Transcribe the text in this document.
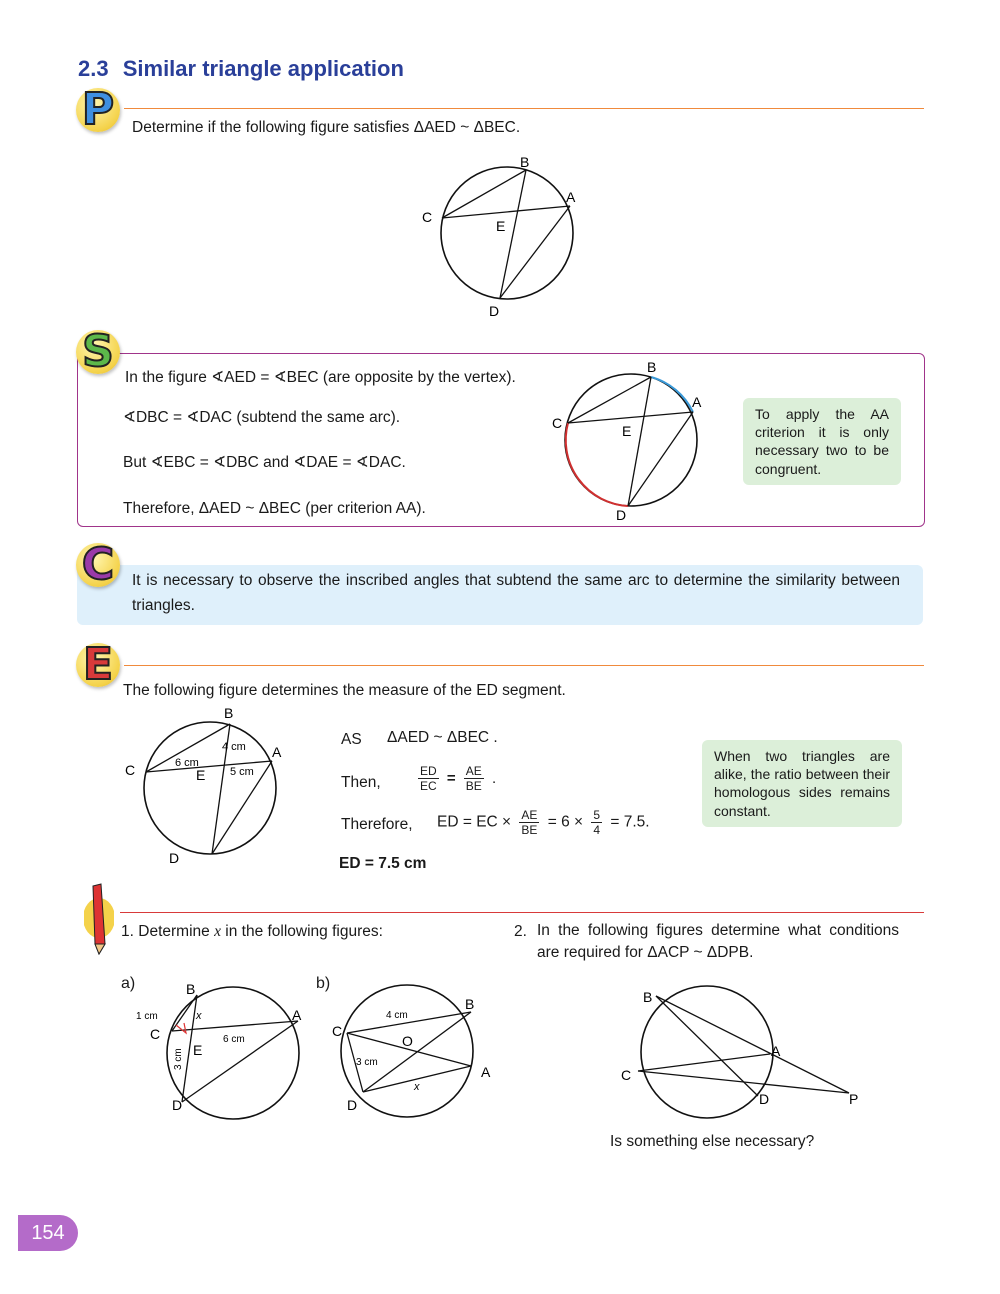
2.3 Similar triangle application
P	Determine if the following figure satisfies ΔAED ~ ΔBEC.
B
A
C
E
D
S
In the figure ∢AED = ∢BEC (are opposite by the vertex).
∢DBC = ∢DAC (subtend the same arc).
But ∢EBC = ∢DBC and ∢DAE = ∢DAC.
Therefore, ΔAED ~ ΔBEC (per criterion AA).
B
A
C	E
D
To apply the AA criterion it is only necessary two to be congruent.
C	It is necessary to observe the inscribed angles that subtend the same arc to determine the similarity between triangles.
E
The following figure determines the measure of the ED segment.
B
A
C	E
D
4 cm
6 cm
5 cm
AS ΔAED ~ ΔBEC .
Then,	$\frac{ED}{EC} = \frac{AE}{BE}$ .
Therefore, ED = EC × $\frac{AE}{BE} = 6 \times \frac{5}{4} = 7.5$.
ED = 7.5 cm
When two triangles are alike, the ratio between their homologous sides remains constant.
1. Determine x in the following figures:	2. In the following figures determine what conditions are required for ΔACP ~ ΔDPB.
a)	b)
B
A
C
E
D
1 cm	x
6 cm
3 cm
B
A
C
O
D
4 cm
3 cm
x
B
A
C
D	P
Is something else necessary?
154
